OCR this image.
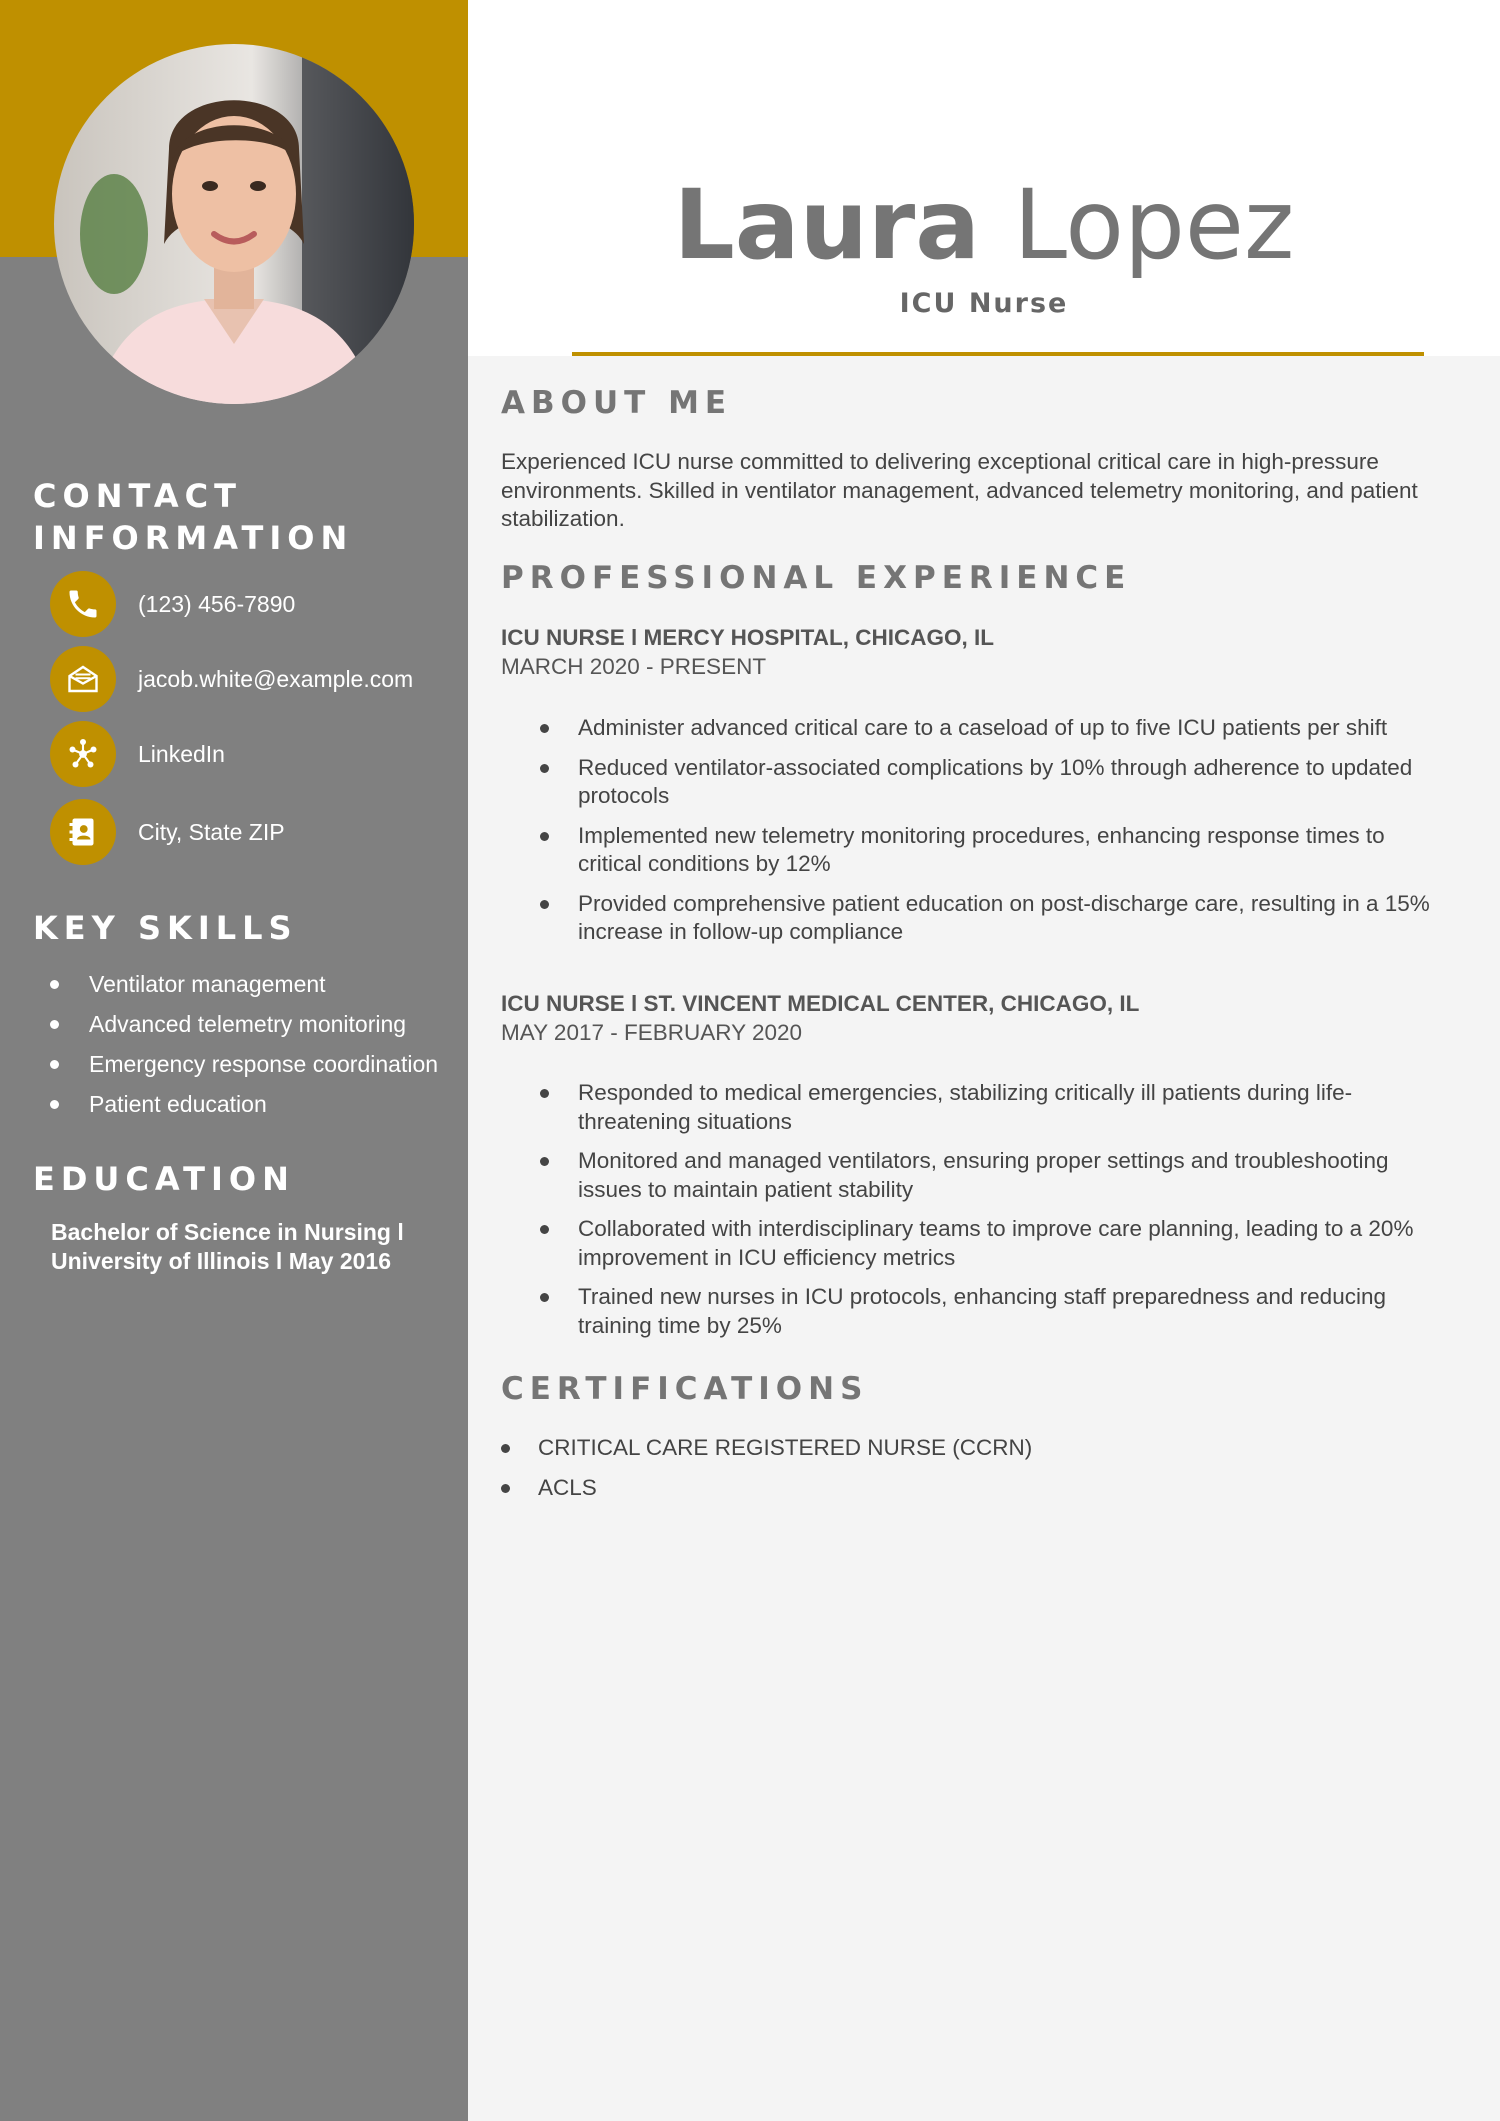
CONTACT
INFORMATION
(123) 456-7890
jacob.white@example.com
LinkedIn
City, State ZIP
KEY SKILLS
Ventilator management
Advanced telemetry monitoring
Emergency response coordination
Patient education
EDUCATION
Bachelor of Science in Nursing l
University of Illinois l May 2016
Laura Lopez
ICU Nurse
ABOUT ME
Experienced ICU nurse committed to delivering exceptional critical care in high-pressure environments. Skilled in ventilator management, advanced telemetry monitoring, and patient stabilization.
PROFESSIONAL EXPERIENCE
ICU NURSE l MERCY HOSPITAL, CHICAGO, IL
MARCH 2020 - PRESENT
Administer advanced critical care to a caseload of up to five ICU patients per shift
Reduced ventilator-associated complications by 10% through adherence to updated protocols
Implemented new telemetry monitoring procedures, enhancing response times to critical conditions by 12%
Provided comprehensive patient education on post-discharge care, resulting in a 15% increase in follow-up compliance
ICU NURSE l ST. VINCENT MEDICAL CENTER, CHICAGO, IL
MAY 2017 - FEBRUARY 2020
Responded to medical emergencies, stabilizing critically ill patients during life-threatening situations
Monitored and managed ventilators, ensuring proper settings and troubleshooting issues to maintain patient stability
Collaborated with interdisciplinary teams to improve care planning, leading to a 20% improvement in ICU efficiency metrics
Trained new nurses in ICU protocols, enhancing staff preparedness and reducing training time by 25%
CERTIFICATIONS
CRITICAL CARE REGISTERED NURSE (CCRN)
ACLS
